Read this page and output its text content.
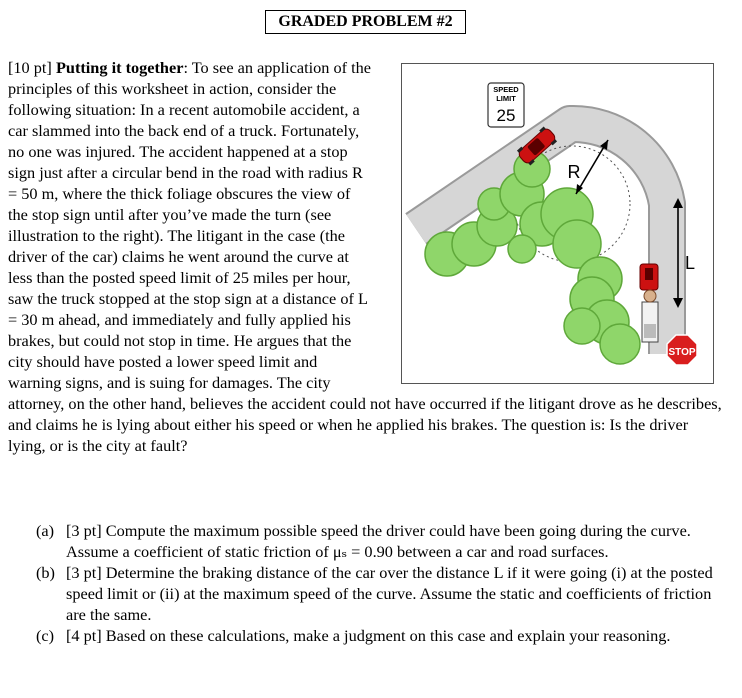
GRADED PROBLEM #2
[10 pt] Putting it together: To see an application of the principles of this worksheet in action, consider the following situation: In a recent automobile accident, a car slammed into the back end of a truck. Fortunately, no one was injured. The accident happened at a stop sign just after a circular bend in the road with radius R = 50 m, where the thick foliage obscures the view of the stop sign until after you’ve made the turn (see illustration to the right). The litigant in the case (the driver of the car) claims he went around the curve at less than the posted speed limit of 25 miles per hour, saw the truck stopped at the stop sign at a distance of L = 30 m ahead, and immediately and fully applied his brakes, but could not stop in time. He argues that the city should have posted a lower speed limit and warning signs, and is suing for damages. The city attorney, on the other hand, believes the accident could not have occurred if the litigant drove as he describes, and claims he is lying about either his speed or when he applied his brakes. The question is: Is the driver lying, or is the city at fault?
SPEED
LIMIT
25
R
L
STOP
(a) [3 pt] Compute the maximum possible speed the driver could have been going during the curve. Assume a coefficient of static friction of μₛ = 0.90 between a car and road surfaces.
(b) [3 pt] Determine the braking distance of the car over the distance L if it were going (i) at the posted speed limit or (ii) at the maximum speed of the curve. Assume the static and coefficients of friction are the same.
(c) [4 pt] Based on these calculations, make a judgment on this case and explain your reasoning.
